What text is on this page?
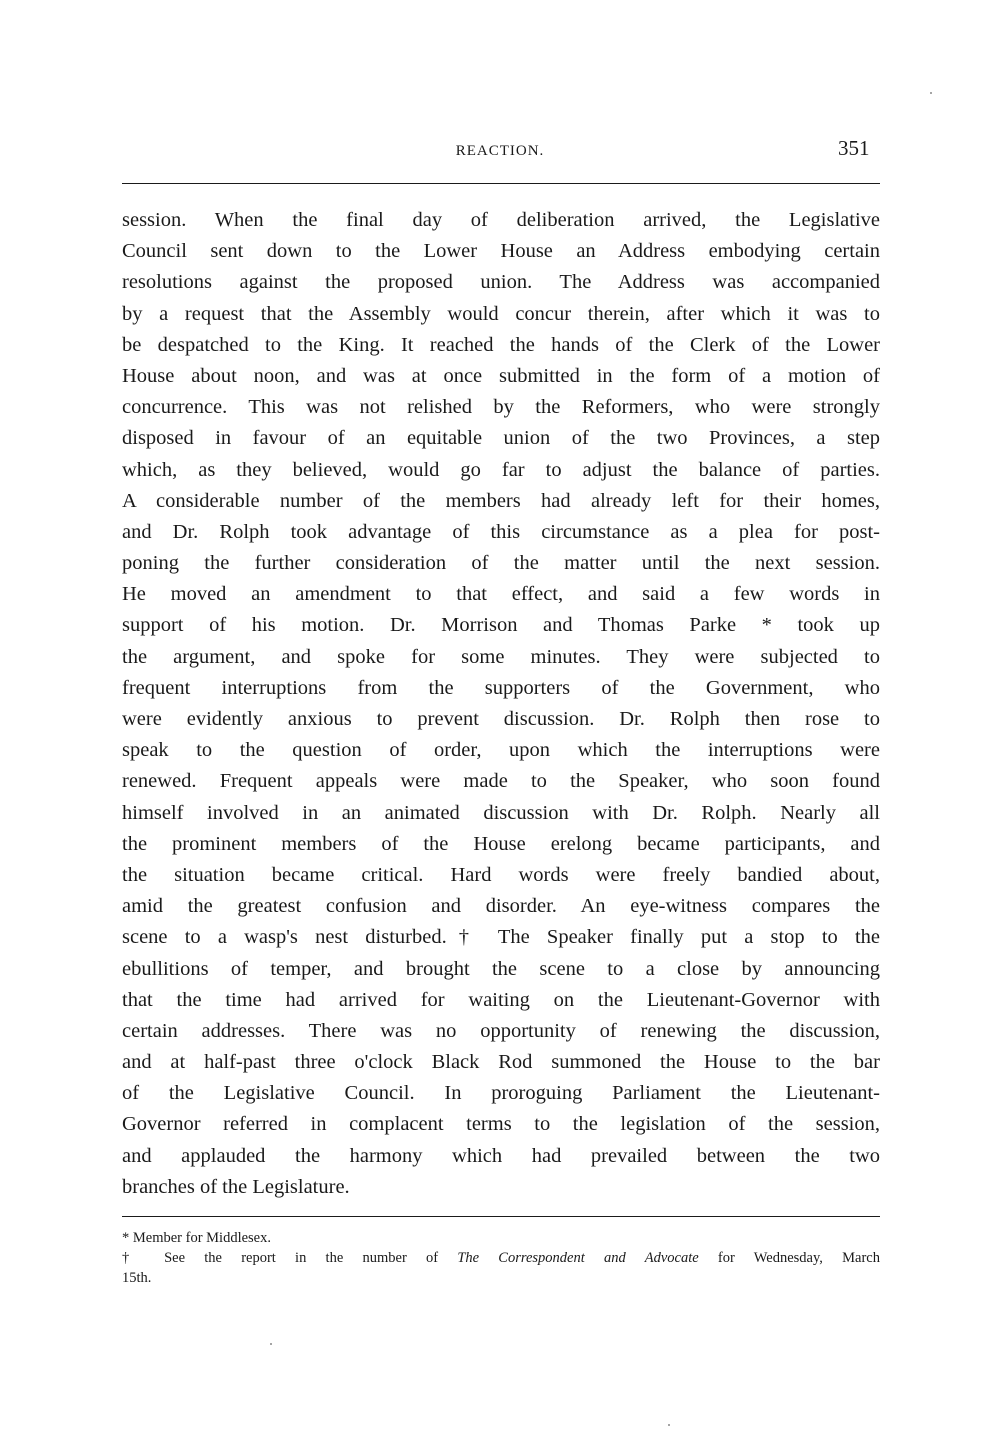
REACTION.	351
session. When the final day of deliberation arrived, the Legislative
Council sent down to the Lower House an Address embodying certain
resolutions against the proposed union. The Address was accompanied
by a request that the Assembly would concur therein, after which it was to
be despatched to the King. It reached the hands of the Clerk of the Lower
House about noon, and was at once submitted in the form of a motion of
concurrence. This was not relished by the Reformers, who were strongly
disposed in favour of an equitable union of the two Provinces, a step
which, as they believed, would go far to adjust the balance of parties.
A considerable number of the members had already left for their homes,
and Dr. Rolph took advantage of this circumstance as a plea for post-
poning the further consideration of the matter until the next session.
He moved an amendment to that effect, and said a few words in
support of his motion. Dr. Morrison and Thomas Parke * took up
the argument, and spoke for some minutes. They were subjected to
frequent interruptions from the supporters of the Government, who
were evidently anxious to prevent discussion. Dr. Rolph then rose to
speak to the question of order, upon which the interruptions were
renewed. Frequent appeals were made to the Speaker, who soon found
himself involved in an animated discussion with Dr. Rolph. Nearly all
the prominent members of the House erelong became participants, and
the situation became critical. Hard words were freely bandied about,
amid the greatest confusion and disorder. An eye-witness compares the
scene to a wasp's nest disturbed.† The Speaker finally put a stop to the
ebullitions of temper, and brought the scene to a close by announcing
that the time had arrived for waiting on the Lieutenant-Governor with
certain addresses. There was no opportunity of renewing the discussion,
and at half-past three o'clock Black Rod summoned the House to the bar
of the Legislative Council. In proroguing Parliament the Lieutenant-
Governor referred in complacent terms to the legislation of the session,
and applauded the harmony which had prevailed between the two
branches of the Legislature.
* Member for Middlesex.
† See the report in the number of The Correspondent and Advocate for Wednesday, March
15th.
